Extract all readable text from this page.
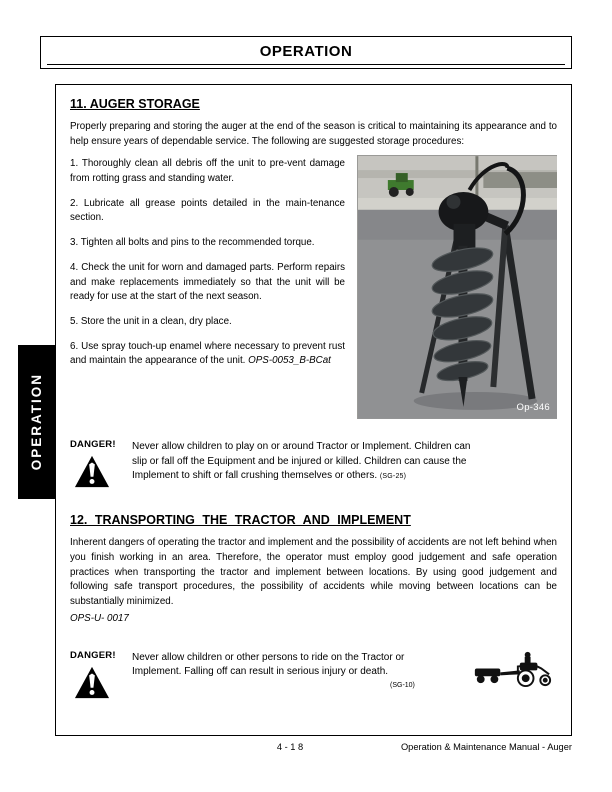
OPERATION
11. AUGER STORAGE
Properly preparing and storing the auger at the end of the season is critical to maintaining its appearance and to help ensure years of dependable service. The following are suggested storage procedures:
Op-346
1. Thoroughly clean all debris off the unit to pre-vent damage from rotting grass and standing water.
2. Lubricate all grease points detailed in the main-tenance section.
3. Tighten all bolts and pins to the recommended torque.
4. Check the unit for worn and damaged parts. Perform repairs and make replacements immediately so that the unit will be ready for use at the start of the next season.
5. Store the unit in a clean, dry place.
6. Use spray touch-up enamel where necessary to prevent rust and maintain the appearance of the unit. OPS-0053_B-BCat
DANGER!	Never allow children to play on or around Tractor or Implement. Children can slip or fall off the Equipment and be injured or killed. Children can cause the Implement to shift or fall crushing themselves or others. (SG-25)
12. TRANSPORTING THE TRACTOR AND IMPLEMENT
Inherent dangers of operating the tractor and implement and the possibility of accidents are not left behind when you finish working in an area. Therefore, the operator must employ good judgement and safe operation practices when transporting the tractor and implement between locations. By using good judgement and following safe transport procedures, the possibility of accidents while moving between locations can be substantially minimized.
OPS-U- 0017
DANGER!	Never allow children or other persons to ride on the Tractor or Implement. Falling off can result in serious injury or death.
(SG-10)
OPERATION
4 - 1 8	Operation & Maintenance Manual - Auger
